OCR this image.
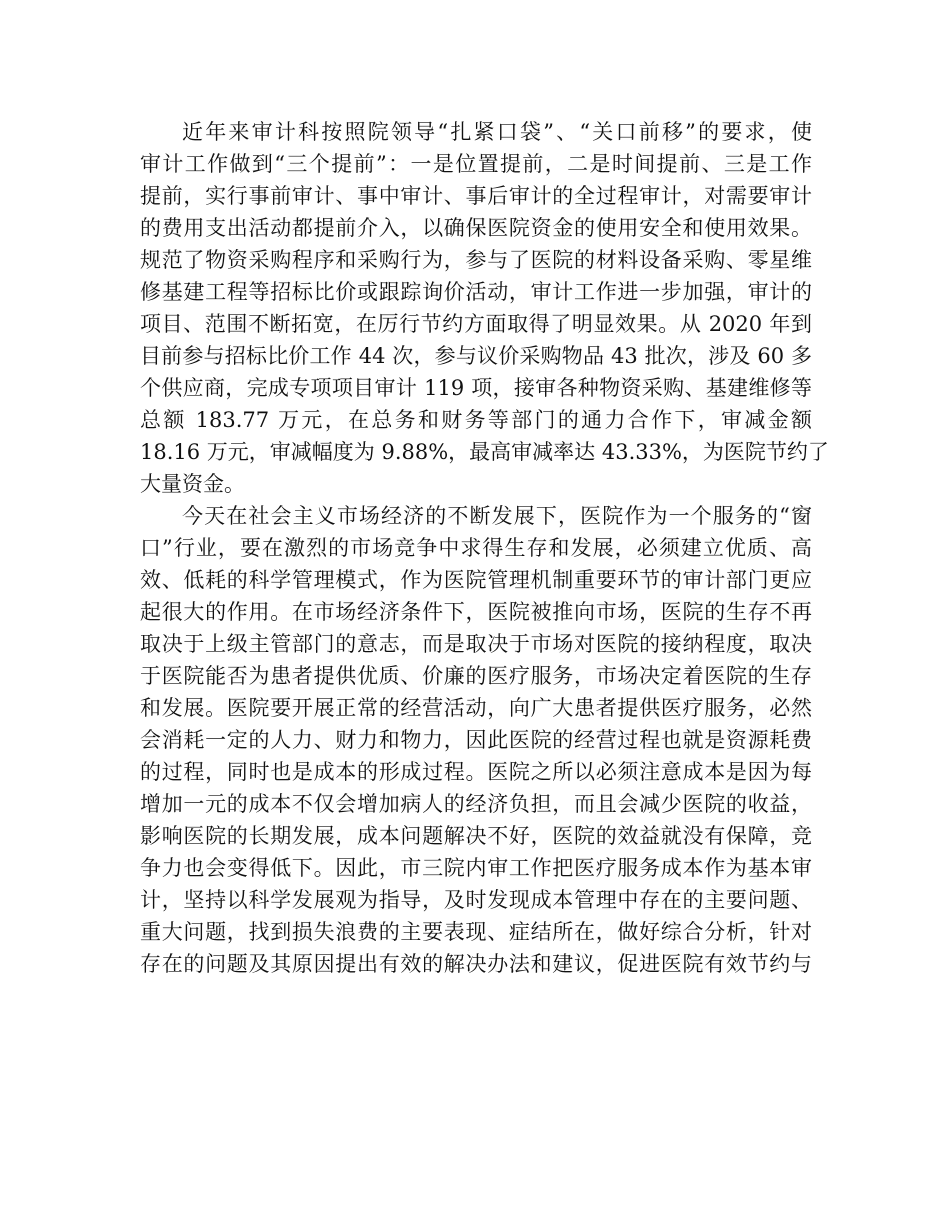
近年来审计科按照院领导“扎紧口袋”、“关口前移”的要求，使
审计工作做到“三个提前”：一是位置提前，二是时间提前、三是工作
提前，实行事前审计、事中审计、事后审计的全过程审计，对需要审计
的费用支出活动都提前介入，以确保医院资金的使用安全和使用效果。
规范了物资采购程序和采购行为，参与了医院的材料设备采购、零星维
修基建工程等招标比价或跟踪询价活动，审计工作进一步加强，审计的
项目、范围不断拓宽，在厉行节约方面取得了明显效果。从 2020 年到
目前参与招标比价工作 44 次，参与议价采购物品 43 批次，涉及 60 多
个供应商，完成专项项目审计 119 项，接审各种物资采购、基建维修等
总额 183.77 万元，在总务和财务等部门的通力合作下，审减金额
18.16 万元，审减幅度为 9.88%，最高审减率达 43.33%，为医院节约了
大量资金。
今天在社会主义市场经济的不断发展下，医院作为一个服务的“窗
口”行业，要在激烈的市场竞争中求得生存和发展，必须建立优质、高
效、低耗的科学管理模式，作为医院管理机制重要环节的审计部门更应
起很大的作用。在市场经济条件下，医院被推向市场，医院的生存不再
取决于上级主管部门的意志，而是取决于市场对医院的接纳程度，取决
于医院能否为患者提供优质、价廉的医疗服务，市场决定着医院的生存
和发展。医院要开展正常的经营活动，向广大患者提供医疗服务，必然
会消耗一定的人力、财力和物力，因此医院的经营过程也就是资源耗费
的过程，同时也是成本的形成过程。医院之所以必须注意成本是因为每
增加一元的成本不仅会增加病人的经济负担，而且会减少医院的收益，
影响医院的长期发展，成本问题解决不好，医院的效益就没有保障，竞
争力也会变得低下。因此，市三院内审工作把医疗服务成本作为基本审
计，坚持以科学发展观为指导，及时发现成本管理中存在的主要问题、
重大问题，找到损失浪费的主要表现、症结所在，做好综合分析，针对
存在的问题及其原因提出有效的解决办法和建议，促进医院有效节约与
